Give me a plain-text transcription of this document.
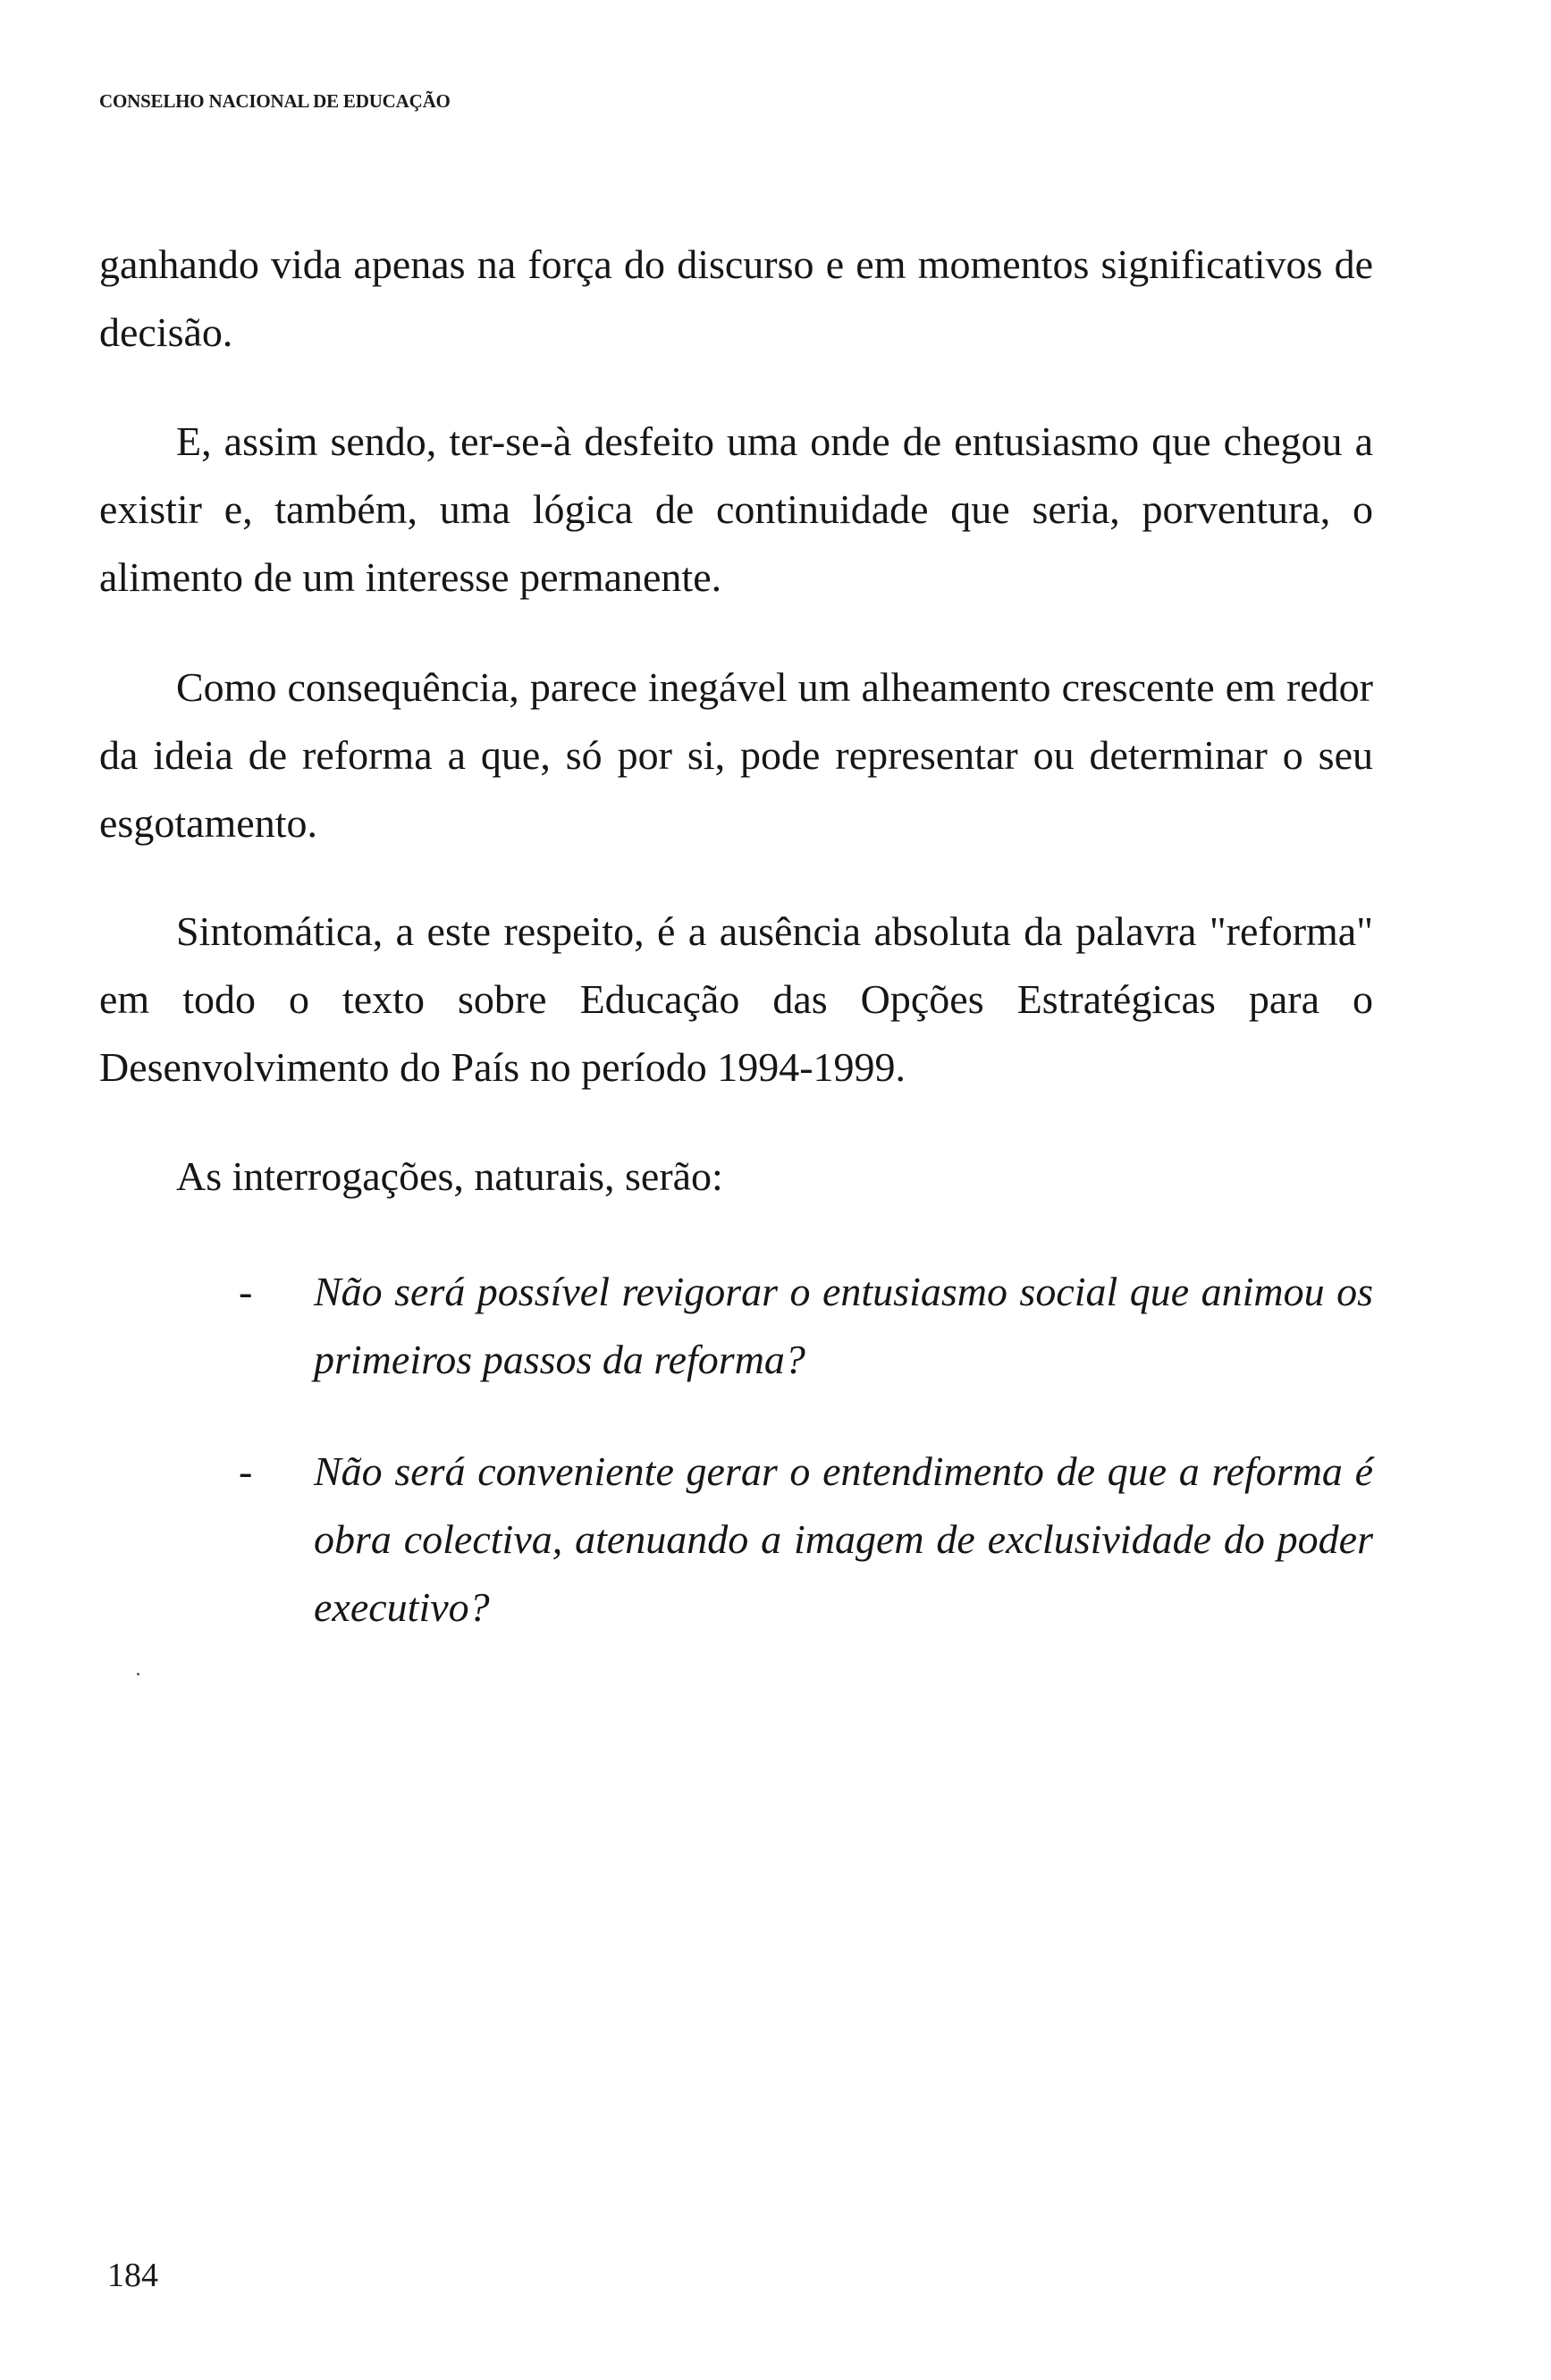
CONSELHO NACIONAL DE EDUCAÇÃO

ganhando vida apenas na força do discurso e em momentos significativos de decisão.

E, assim sendo, ter-se-à desfeito uma onde de entusiasmo que chegou a existir e, também, uma lógica de continuidade que seria, porventura, o alimento de um interesse permanente.

Como consequência, parece inegável um alheamento crescente em redor da ideia de reforma a que, só por si, pode representar ou determinar o seu esgotamento.

Sintomática, a este respeito, é a ausência absoluta da palavra "reforma" em todo o texto sobre Educação das Opções Estratégicas para o Desenvolvimento do País no período 1994-1999.

As interrogações, naturais, serão:

- Não será possível revigorar o entusiasmo social que animou os primeiros passos da reforma?
- Não será conveniente gerar o entendimento de que a reforma é obra colectiva, atenuando a imagem de exclusividade do poder executivo?
184
